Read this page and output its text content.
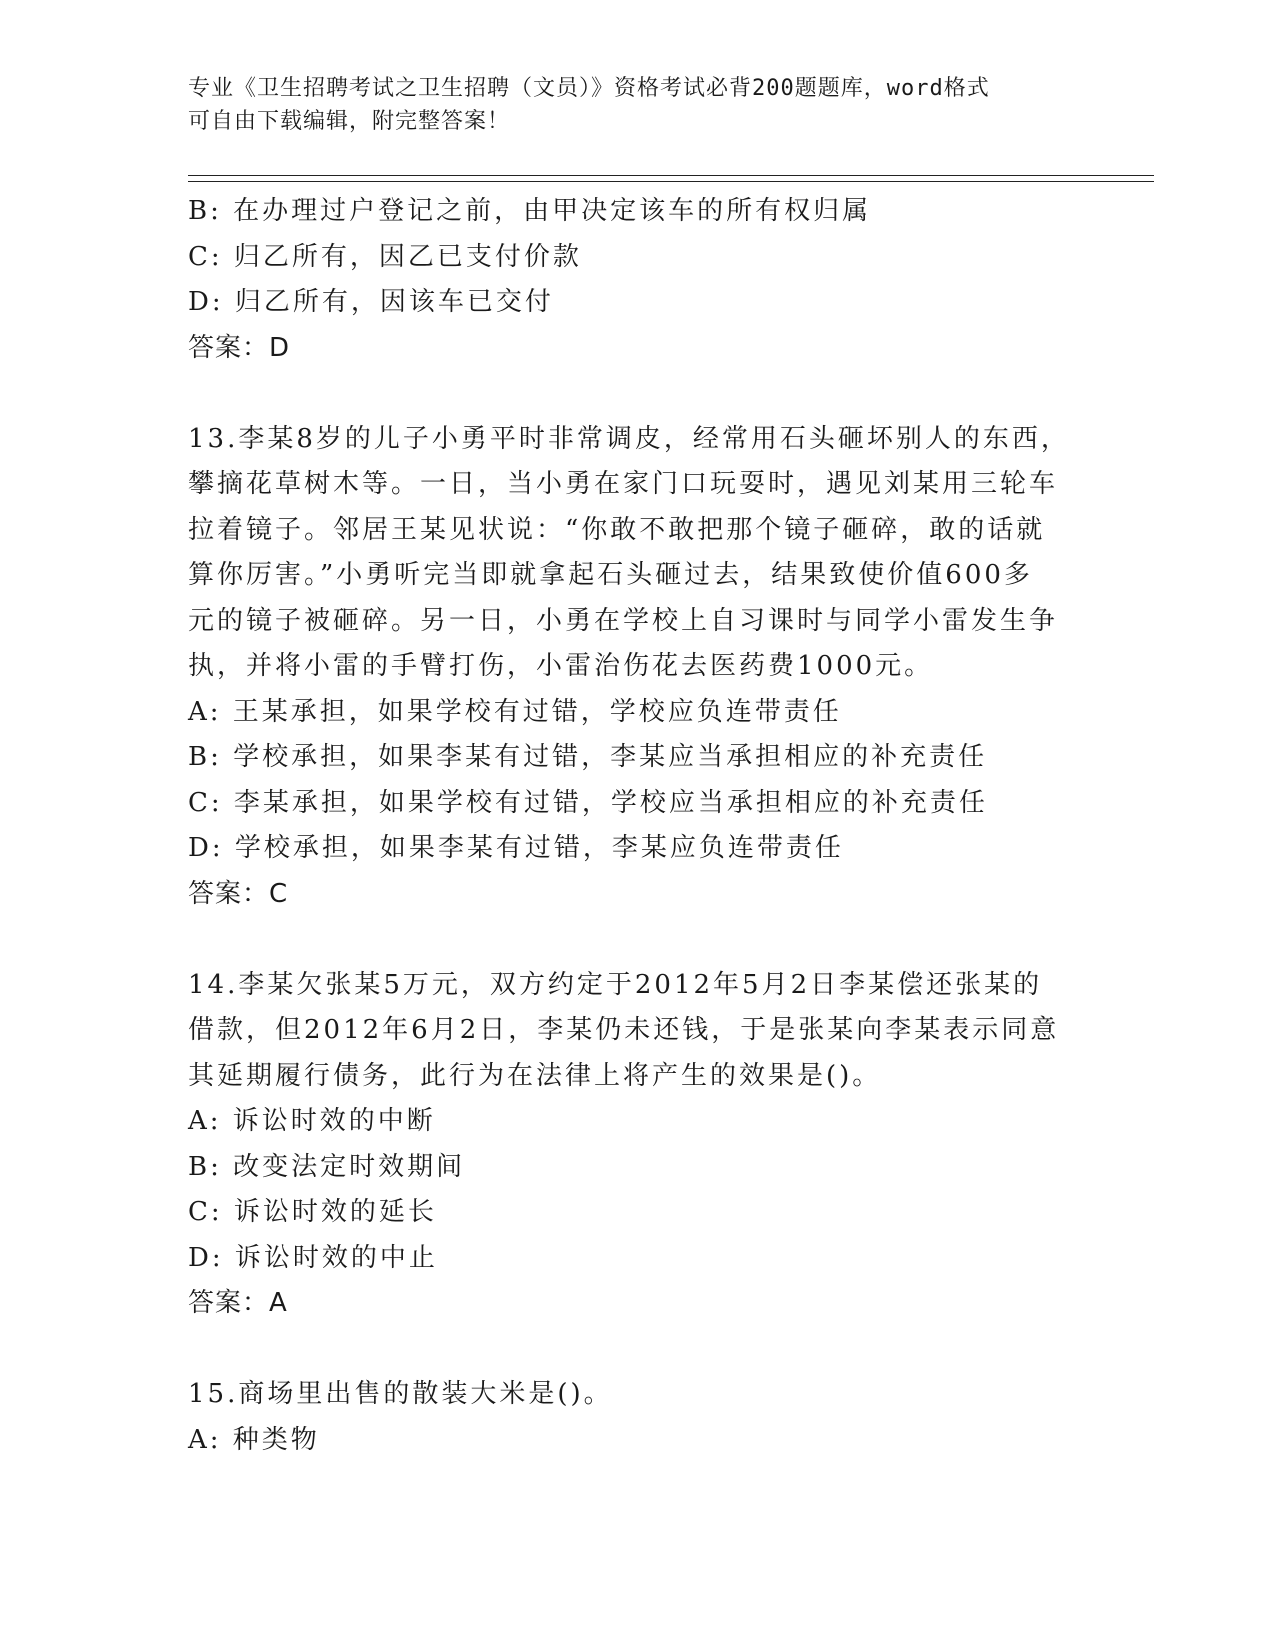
专业《卫生招聘考试之卫生招聘（文员）》资格考试必背200题题库，word格式
可自由下载编辑，附完整答案！
B: 在办理过户登记之前，由甲决定该车的所有权归属
C: 归乙所有，因乙已支付价款
D: 归乙所有，因该车已交付
答案：D
13.李某8岁的儿子小勇平时非常调皮，经常用石头砸坏别人的东西，
攀摘花草树木等。一日，当小勇在家门口玩耍时，遇见刘某用三轮车
拉着镜子。邻居王某见状说：“你敢不敢把那个镜子砸碎，敢的话就
算你厉害。”小勇听完当即就拿起石头砸过去，结果致使价值600多
元的镜子被砸碎。另一日，小勇在学校上自习课时与同学小雷发生争
执，并将小雷的手臂打伤，小雷治伤花去医药费1000元。
A: 王某承担，如果学校有过错，学校应负连带责任
B: 学校承担，如果李某有过错，李某应当承担相应的补充责任
C: 李某承担，如果学校有过错，学校应当承担相应的补充责任
D: 学校承担，如果李某有过错，李某应负连带责任
答案：C
14.李某欠张某5万元，双方约定于2012年5月2日李某偿还张某的
借款，但2012年6月2日，李某仍未还钱，于是张某向李某表示同意
其延期履行债务，此行为在法律上将产生的效果是()。
A: 诉讼时效的中断
B: 改变法定时效期间
C: 诉讼时效的延长
D: 诉讼时效的中止
答案：A
15.商场里出售的散装大米是()。
A: 种类物
